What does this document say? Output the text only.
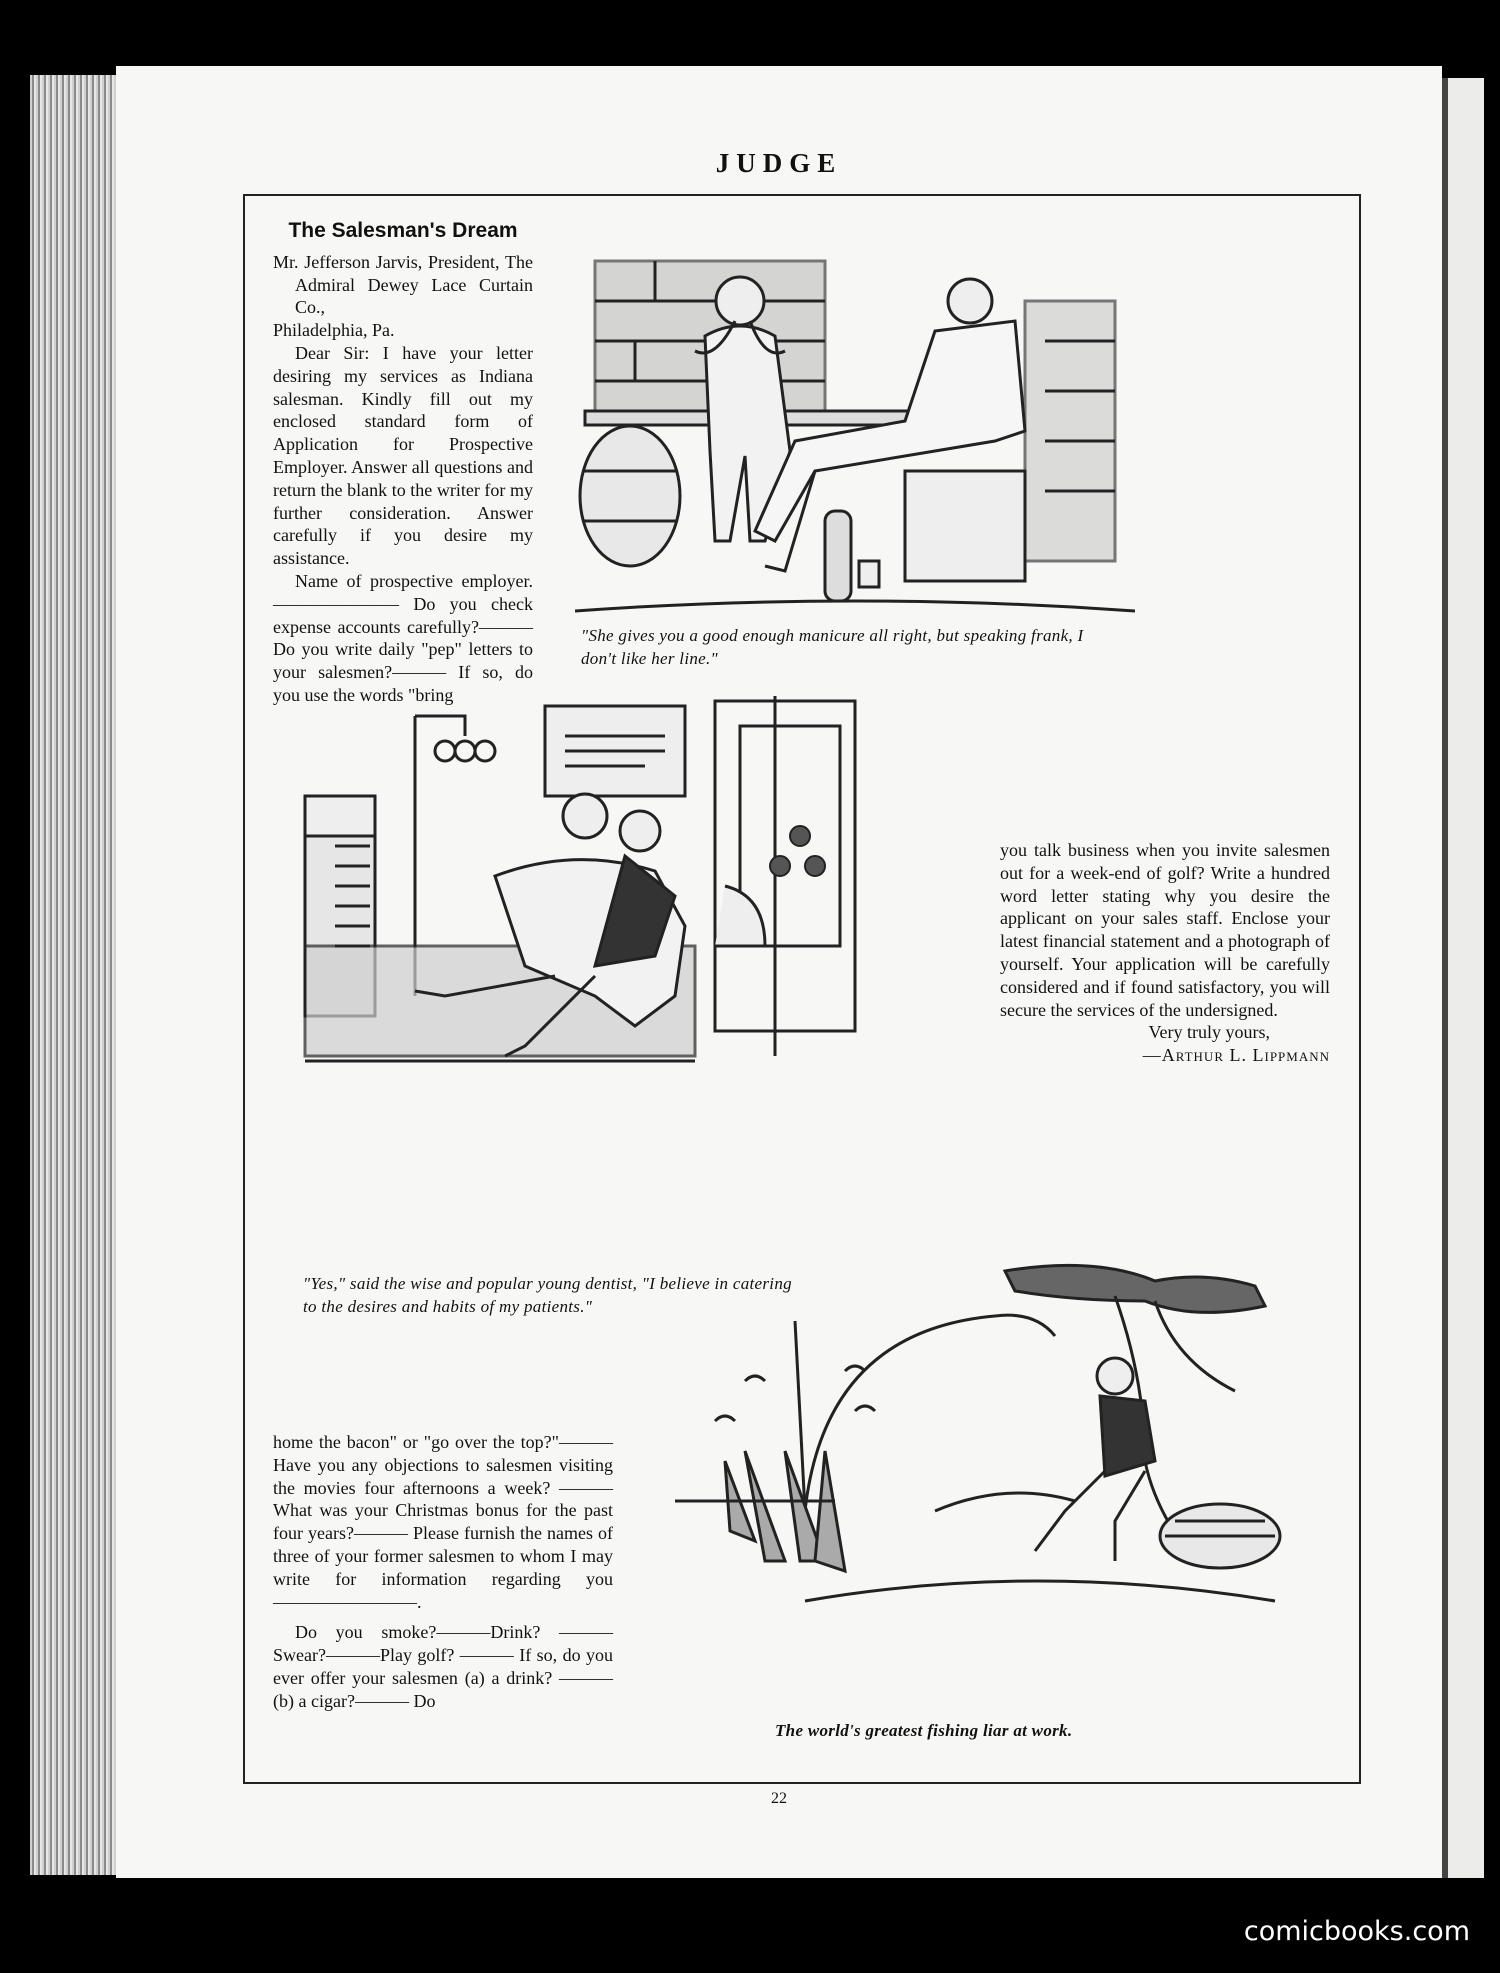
JUDGE
The Salesman's Dream

Mr. Jefferson Jarvis, President, The Admiral Dewey Lace Curtain Co.,

Philadelphia, Pa.

Dear Sir: I have your letter desiring my services as Indiana salesman. Kindly fill out my enclosed standard form of Application for Prospective Employer. Answer all questions and return the blank to the writer for my further consideration. Answer carefully if you desire my assistance.

Name of prospective employer. ——————— Do you check expense accounts carefully?——— Do you write daily "pep" letters to your salesmen?——— If so, do you use the words "bring

"She gives you a good enough manicure all right, but speaking frank, I don't like her line."
"Yes," said the wise and popular young dentist, "I believe in catering to the desires and habits of my patients."

you talk business when you invite salesmen out for a week-end of golf? Write a hundred word letter stating why you desire the applicant on your sales staff. Enclose your latest financial statement and a photograph of yourself. Your application will be carefully considered and if found satisfactory, you will secure the services of the undersigned.

Very truly yours,

—Arthur L. Lippmann

home the bacon" or "go over the top?"——— Have you any objections to salesmen visiting the movies four afternoons a week? ——— What was your Christmas bonus for the past four years?——— Please furnish the names of three of your former salesmen to whom I may write for information regarding you ————————.

Do you smoke?———Drink? ———Swear?———Play golf? ——— If so, do you ever offer your salesmen (a) a drink? ——— (b) a cigar?——— Do

The world's greatest fishing liar at work.
22
comicbooks.com
